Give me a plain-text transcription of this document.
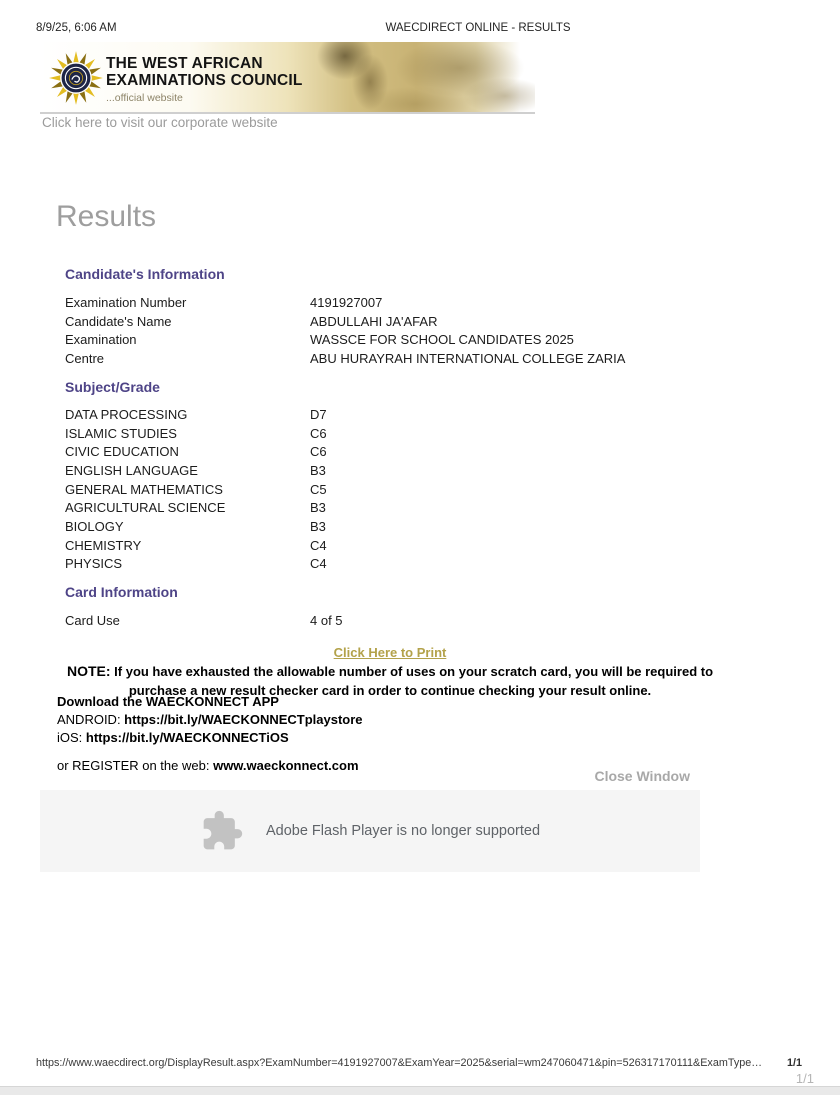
8/9/25, 6:06 AM	WAECDIRECT ONLINE - RESULTS
THE WEST AFRICAN
EXAMINATIONS COUNCIL
...official website
Click here to visit our corporate website
Results
Candidate's Information
Examination Number	4191927007
Candidate's Name	ABDULLAHI JA'AFAR
Examination	WASSCE FOR SCHOOL CANDIDATES 2025
Centre	ABU HURAYRAH INTERNATIONAL COLLEGE ZARIA
Subject/Grade
DATA PROCESSING	D7
ISLAMIC STUDIES	C6
CIVIC EDUCATION	C6
ENGLISH LANGUAGE	B3
GENERAL MATHEMATICS	C5
AGRICULTURAL SCIENCE	B3
BIOLOGY	B3
CHEMISTRY	C4
PHYSICS	C4
Card Information
Card Use	4 of 5
Click Here to Print
NOTE: If you have exhausted the allowable number of uses on your scratch card, you will be required to purchase a new result checker card in order to continue checking your result online.
Download the WAECKONNECT APP
ANDROID: https://bit.ly/WAECKONNECTplaystore
iOS: https://bit.ly/WAECKONNECTiOS
or REGISTER on the web: www.waeckonnect.com
Close Window
Adobe Flash Player is no longer supported
https://www.waecdirect.org/DisplayResult.aspx?ExamNumber=4191927007&ExamYear=2025&serial=wm247060471&pin=526317170111&ExamType…	1/1
1/1
